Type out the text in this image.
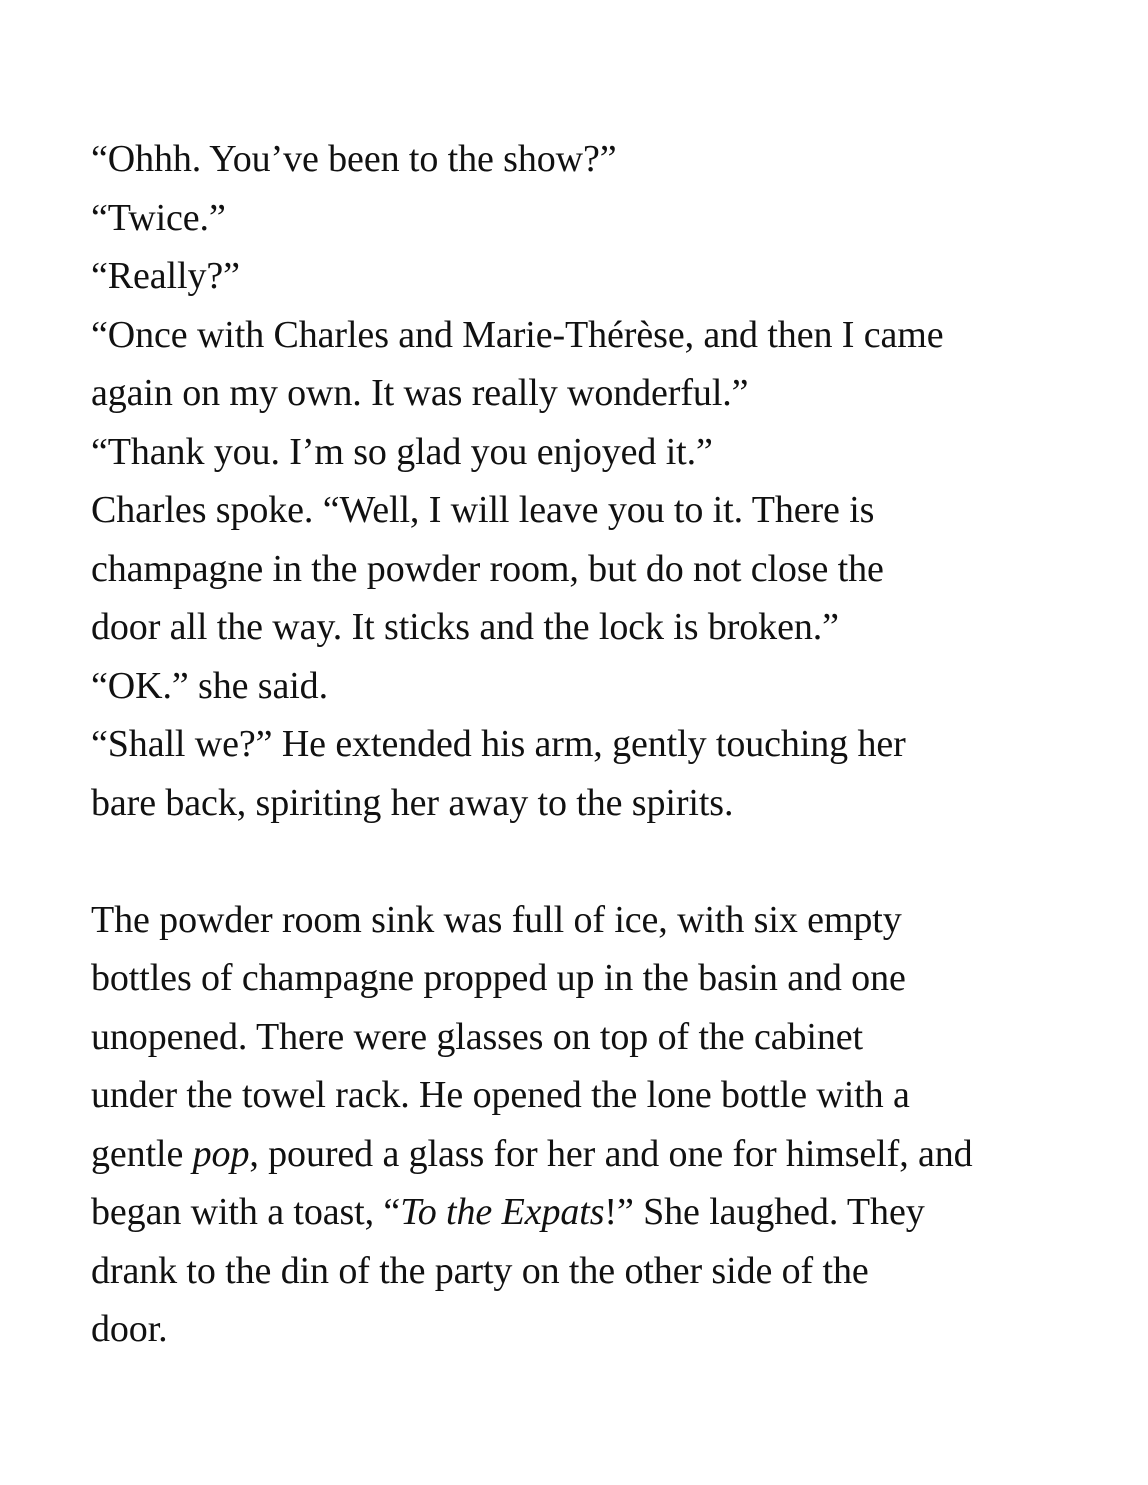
“Ohhh. You’ve been to the show?”
“Twice.”
“Really?”
“Once with Charles and Marie-Thérèse, and then I came
again on my own. It was really wonderful.”
“Thank you. I’m so glad you enjoyed it.”
Charles spoke. “Well, I will leave you to it. There is
champagne in the powder room, but do not close the
door all the way. It sticks and the lock is broken.”
“OK.” she said.
“Shall we?” He extended his arm, gently touching her
bare back, spiriting her away to the spirits.
The powder room sink was full of ice, with six empty
bottles of champagne propped up in the basin and one
unopened. There were glasses on top of the cabinet
under the towel rack. He opened the lone bottle with a
gentle pop, poured a glass for her and one for himself, and
began with a toast, “To the Expats!” She laughed. They
drank to the din of the party on the other side of the
door.
